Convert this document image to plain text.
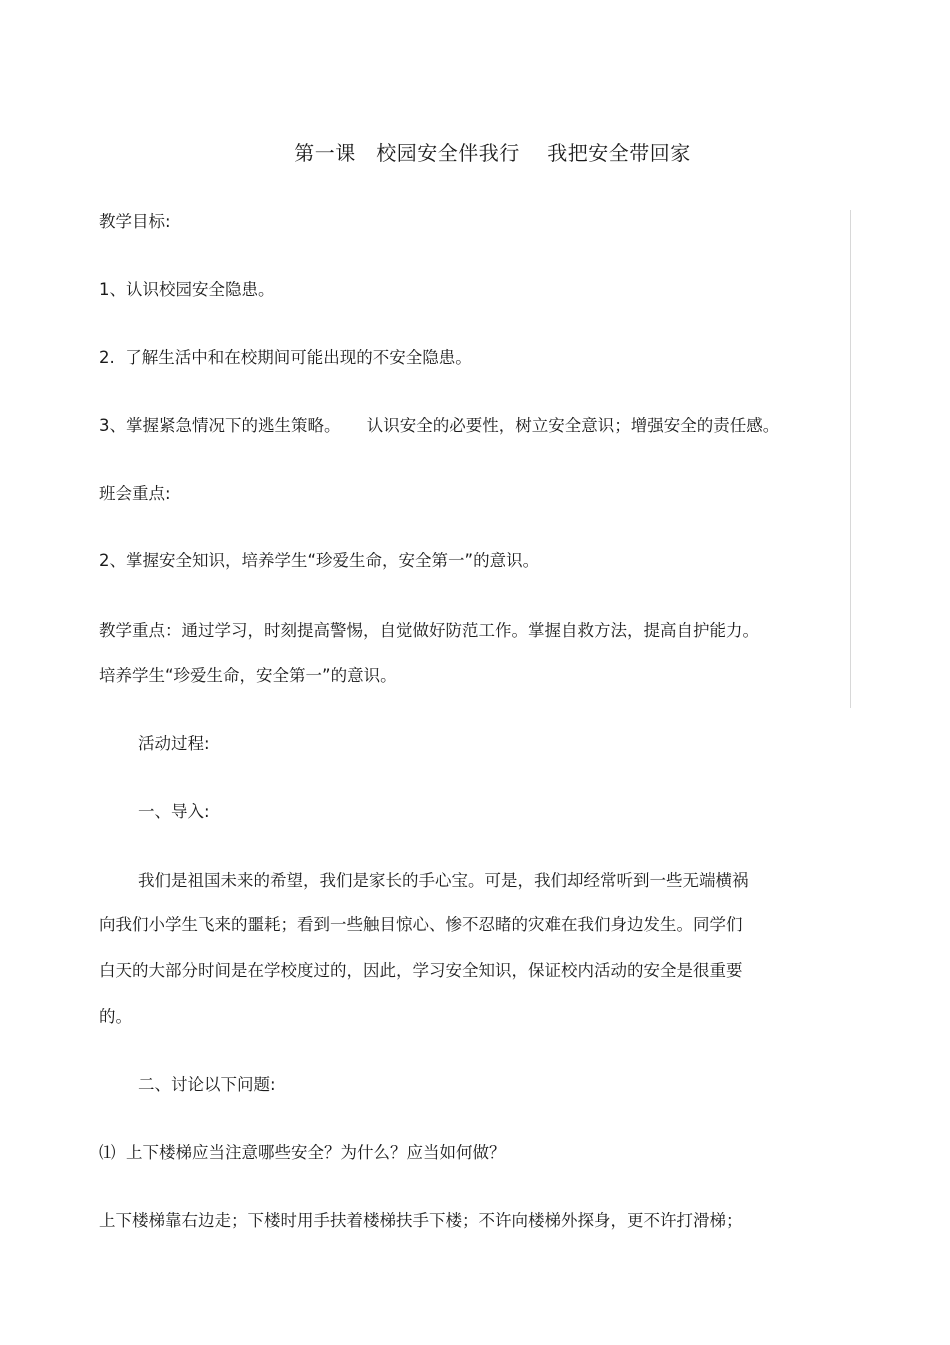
第一课   校园安全伴我行    我把安全带回家
教学目标:
1、认识校园安全隐患。
2.  了解生活中和在校期间可能出现的不安全隐患。
3、掌握紧急情况下的逃生策略。     认识安全的必要性，树立安全意识；增强安全的责任感。
班会重点:
2、掌握安全知识，培养学生“珍爱生命，安全第一”的意识。
教学重点：通过学习，时刻提高警惕，自觉做好防范工作。掌握自救方法，提高自护能力。
培养学生“珍爱生命，安全第一”的意识。
活动过程:
一、导入:
我们是祖国未来的希望，我们是家长的手心宝。可是，我们却经常听到一些无端横祸
向我们小学生飞来的噩耗；看到一些触目惊心、惨不忍睹的灾难在我们身边发生。同学们
白天的大部分时间是在学校度过的，因此，学习安全知识，保证校内活动的安全是很重要
的。
二、讨论以下问题:
⑴  上下楼梯应当注意哪些安全？为什么？应当如何做？
上下楼梯靠右边走；下楼时用手扶着楼梯扶手下楼；不许向楼梯外探身，更不许打滑梯；
